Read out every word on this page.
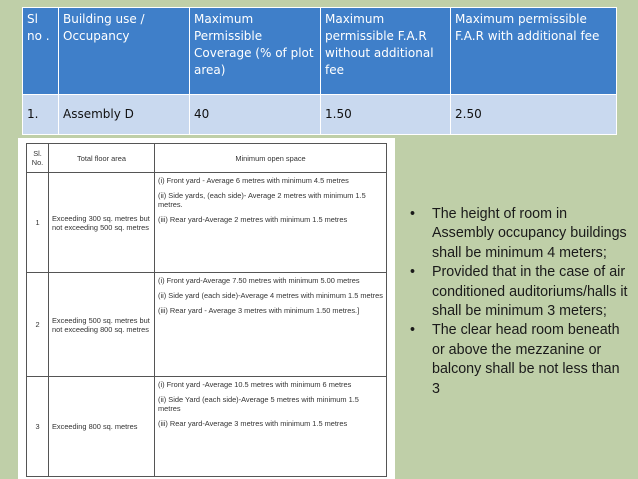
Sl no .	Building use / Occupancy	Maximum Permissible Coverage (% of plot area)	Maximum permissible F.A.R without additional fee	Maximum permissible F.A.R with additional fee
1.	Assembly D	40	1.50	2.50
Sl. No.	Total floor area	Minimum open space
1	Exceeding 300 sq. metres but not exceeding 500 sq. metres	(i) Front yard - Average 6 metres with minimum 4.5 metres
(ii) Side yards, (each side)- Average 2 metres with minimum 1.5 metres.
(iii) Rear yard-Average 2 metres with minimum 1.5 metres

2	Exceeding 500 sq. metres but not exceeding 800 sq. metres	(i) Front yard-Average 7.50 metres with minimum 5.00 metres
(ii) Side yard (each side)-Average 4 metres with minimum 1.5 metres
(iii) Rear yard - Average 3 metres with minimum 1.50 metres.]

3	Exceeding 800 sq. metres	(i) Front yard -Average 10.5 metres with minimum 6 metres
(ii) Side Yard (each side)-Average 5 metres with minimum 1.5 metres
(iii) Rear yard-Average 3 metres with minimum 1.5 metres
• The height of room in Assembly occupancy buildings shall be minimum 4 meters;
• Provided that in the case of air conditioned auditoriums/halls it shall be minimum 3 meters;
• The clear head room beneath or above the mezzanine or balcony shall be not less than 3
